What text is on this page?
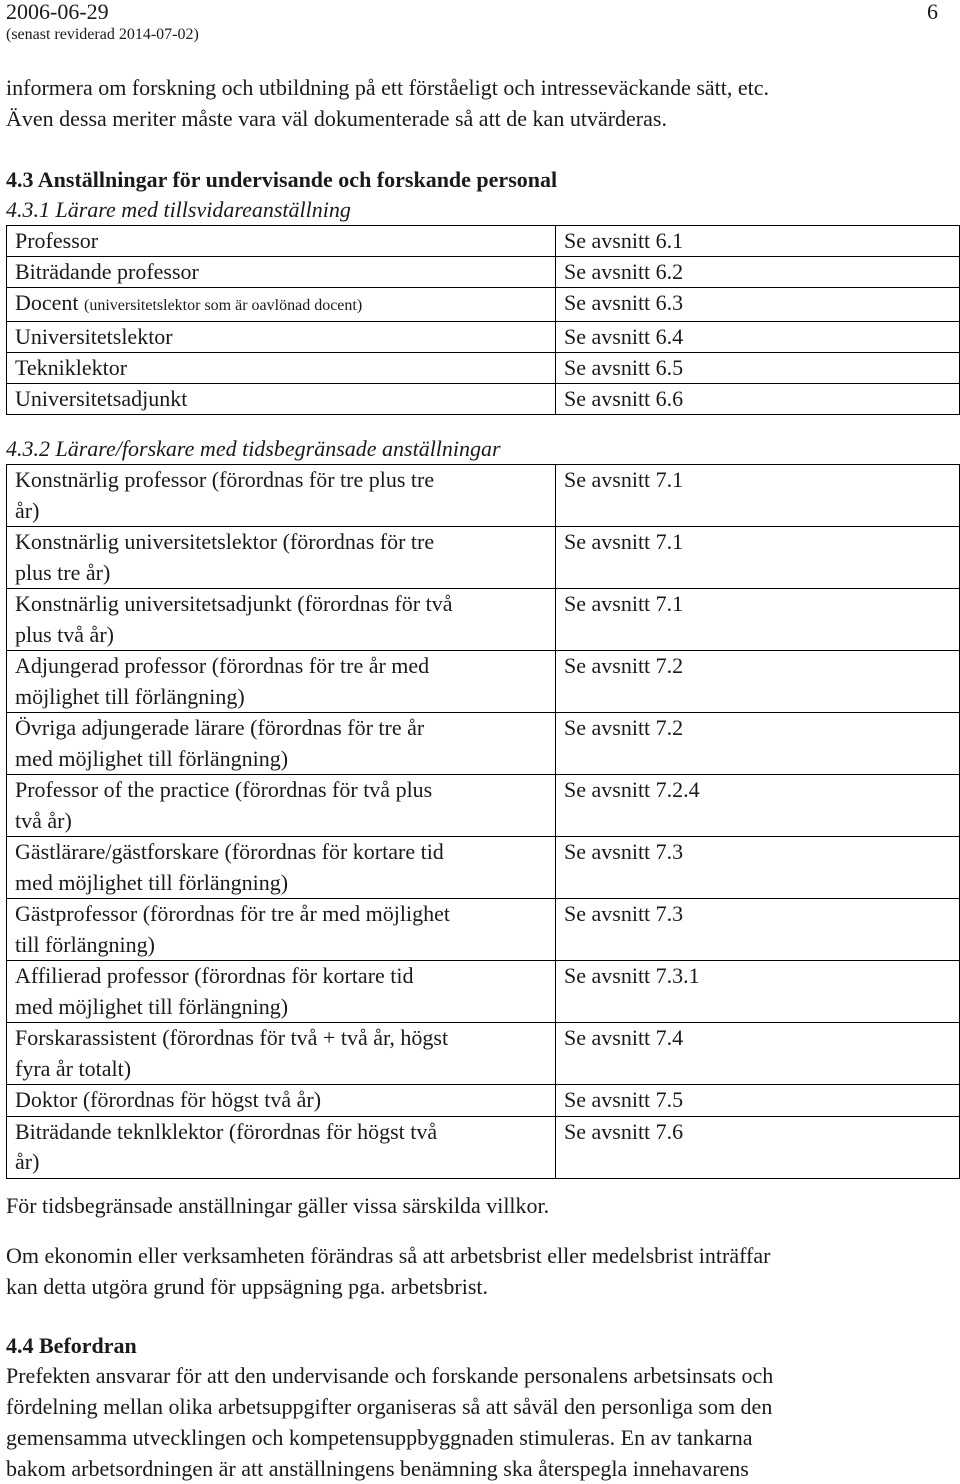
2006-06-29
(senast reviderad 2014-07-02)
6
informera om forskning och utbildning på ett förståeligt och intresseväckande sätt, etc.
Även dessa meriter måste vara väl dokumenterade så att de kan utvärderas.
4.3 Anställningar för undervisande och forskande personal
4.3.1 Lärare med tillsvidareanställning
Professor	Se avsnitt 6.1
Biträdande professor	Se avsnitt 6.2
Docent (universitetslektor som är oavlönad docent)	Se avsnitt 6.3
Universitetslektor	Se avsnitt 6.4
Tekniklektor	Se avsnitt 6.5
Universitetsadjunkt	Se avsnitt 6.6
4.3.2 Lärare/forskare med tidsbegränsade anställningar
Konstnärlig professor (förordnas för tre plus tre
år)	Se avsnitt 7.1

Konstnärlig universitetslektor (förordnas för tre
plus tre år)	Se avsnitt 7.1

Konstnärlig universitetsadjunkt (förordnas för två
plus två år)	Se avsnitt 7.1

Adjungerad professor (förordnas för tre år med
möjlighet till förlängning)	Se avsnitt 7.2

Övriga adjungerade lärare (förordnas för tre år
med möjlighet till förlängning)	Se avsnitt 7.2

Professor of the practice (förordnas för två plus
två år)	Se avsnitt 7.2.4

Gästlärare/gästforskare (förordnas för kortare tid
med möjlighet till förlängning)	Se avsnitt 7.3

Gästprofessor (förordnas för tre år med möjlighet
till förlängning)	Se avsnitt 7.3

Affilierad professor (förordnas för kortare tid
med möjlighet till förlängning)	Se avsnitt 7.3.1

Forskarassistent (förordnas för två + två år, högst
fyra år totalt)	Se avsnitt 7.4

Doktor (förordnas för högst två år)	Se avsnitt 7.5

Biträdande teknlklektor (förordnas för högst två
år)	Se avsnitt 7.6
För tidsbegränsade anställningar gäller vissa särskilda villkor.
Om ekonomin eller verksamheten förändras så att arbetsbrist eller medelsbrist inträffar
kan detta utgöra grund för uppsägning pga. arbetsbrist.
4.4 Befordran
Prefekten ansvarar för att den undervisande och forskande personalens arbetsinsats och
fördelning mellan olika arbetsuppgifter organiseras så att såväl den personliga som den
gemensamma utvecklingen och kompetensuppbyggnaden stimuleras. En av tankarna
bakom arbetsordningen är att anställningens benämning ska återspegla innehavarens
